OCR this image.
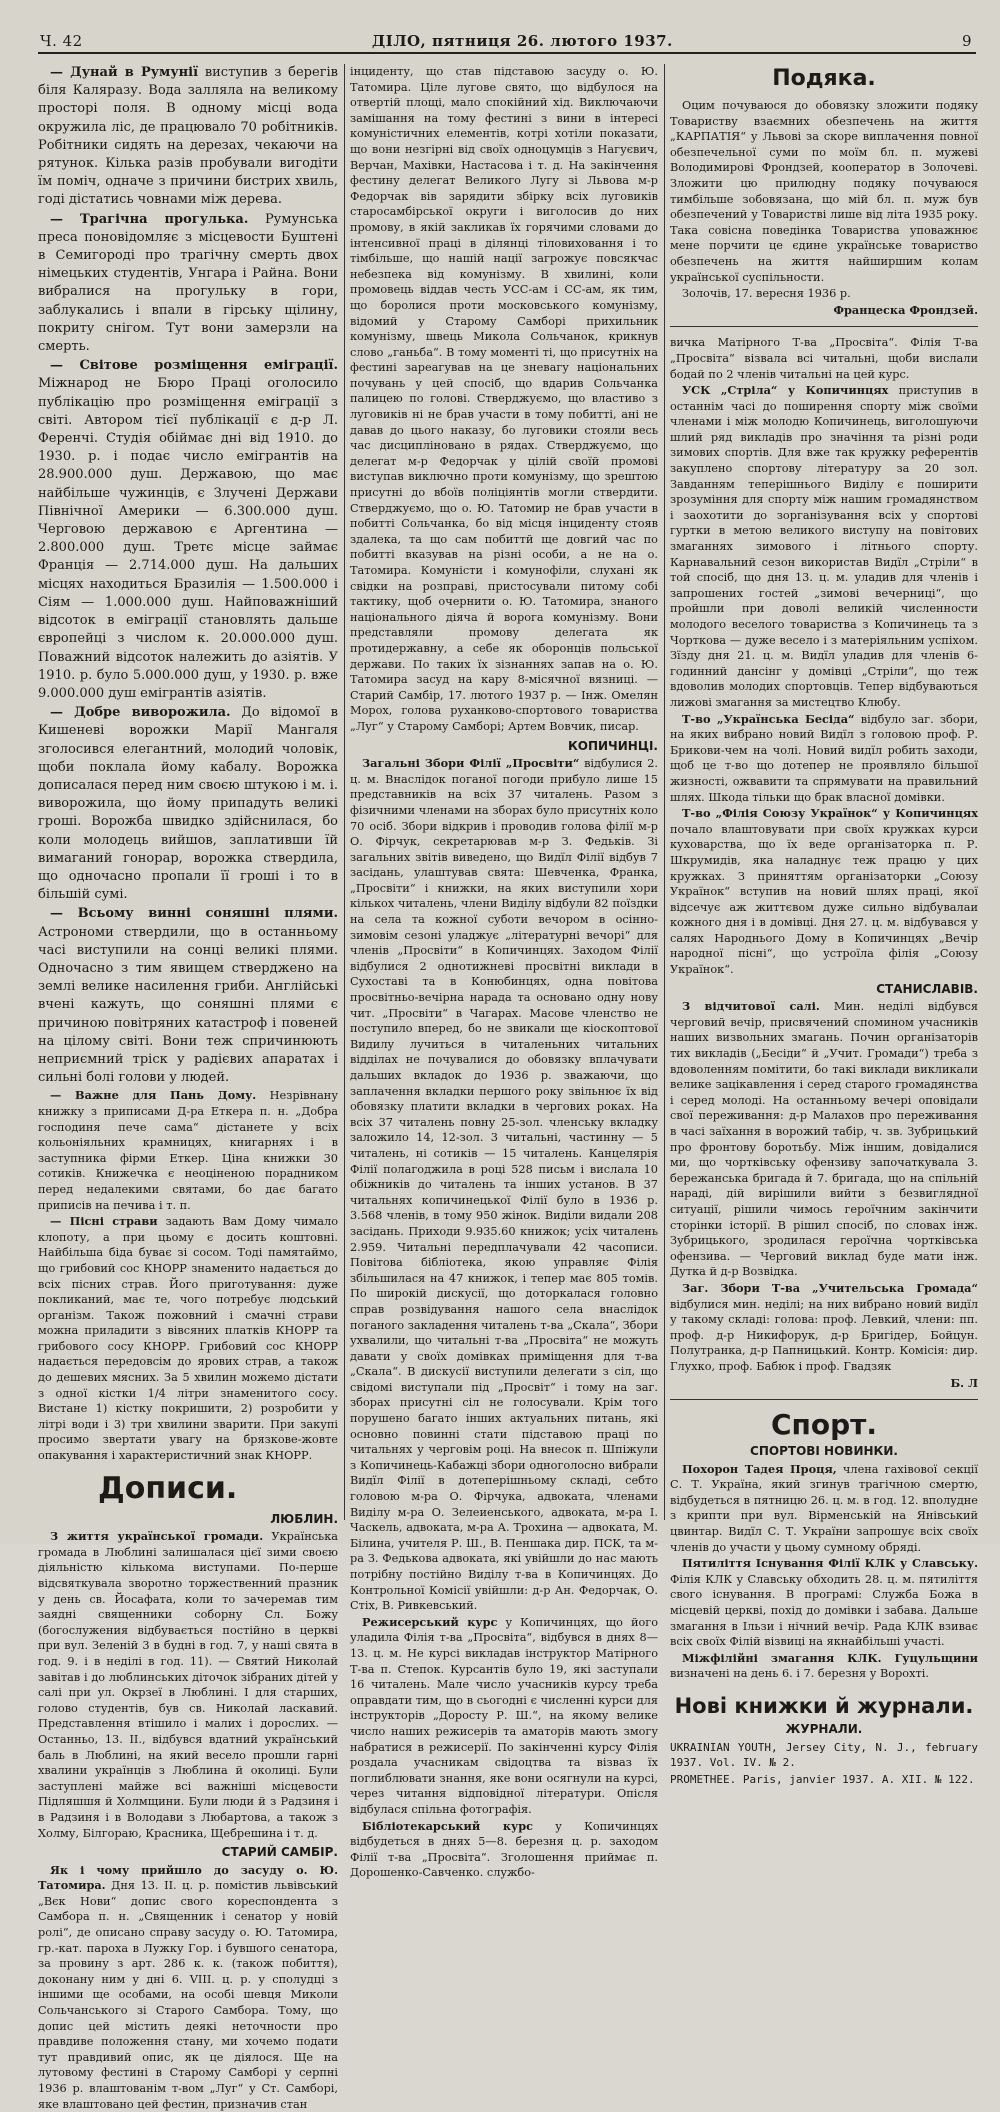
Ч. 42	ДІЛО, пятниця 26. лютого 1937.	9

— Дунай в Румунії виступив з берегів біля Каляразу. Вода залляла на великому просторі поля. В одному місці вода окружила ліс, де працювало 70 робітників. Робітники сидять на дерезах, чекаючи на рятунок. Кілька разів пробували вигодіти їм поміч, одначе з причини бистрих хвиль, годі дістатись човнами між дерева.

— Трагічна прогулька. Румунська преса поновідомляє з місцевости Буштені в Семигороді про трагічну смерть двох німецьких студентів, Унгара і Райна. Вони вибралися на прогульку в гори, заблукались і впали в гірську щілину, покриту снігом. Тут вони замерзли на смерть.

— Світове розміщення еміграції. Міжнарод не Бюро Праці оголосило публікацію про розміщення еміграції з світі. Автором тієї публікації є д-р Л. Ференчі. Студія обіймає дні від 1910. до 1930. р. і подає число емігрантів на 28.900.000 душ. Державою, що має найбільше чужинців, є Злучені Держави Північної Америки — 6.300.000 душ. Черговою державою є Аргентина — 2.800.000 душ. Третє місце займає Франція — 2.714.000 душ. На дальших місцях находиться Бразилія — 1.500.000 і Сіям — 1.000.000 душ. Найповажніший відсоток в еміграції становлять дальше європейці з числом к. 20.000.000 душ. Поважний відсоток належить до азіятів. У 1910. р. було 5.000.000 душ, у 1930. р. вже 9.000.000 душ емігрантів азіятів.

— Добре виворожила. До відомої в Кишеневі ворожки Марії Мангаля зголосився елегантний, молодий чоловік, щоби поклала йому кабалу. Ворожка дописалася перед ним своєю штукою і м. і. виворожила, що йому припадуть великі гроші. Ворожба швидко здійснилася, бо коли молодець вийшов, заплативши їй вимаганий гонорар, ворожка ствердила, що одночасно пропали її гроші і то в більшій сумі.

— Всьому винні соняшні плями. Астрономи ствердили, що в останньому часі виступили на сонці великі плями. Одночасно з тим явищем стверджено на землі велике насилення гриби. Англійські вчені кажуть, що соняшні плями є причиною повітряних катастроф і повеней на цілому світі. Вони теж спричинюють неприємний тріск у радієвих апаратах і сильні болі голови у людей.

— Важне для Пань Дому. Незрівнану книжку з приписами Д-ра Еткера п. н. „Добра господиня пече сама“ дістанете у всіх кольоніяльних крамницях, книгарнях і в заступника фірми Еткер. Ціна книжки 30 сотиків. Книжечка є неоціненою порадником перед недалекими святами, бо дає багато приписів на печива і т. п.

— Пісні страви задають Вам Дому чимало клопоту, а при цьому є досить коштовні. Найбільша біда буває зі сосом. Тоді памятаймо, що грибовий сос КНОРР знаменито надається до всіх пісних страв. Його приготування: дуже покликаний, має те, чого потребує людський організм. Також пожовний і смачні страви можна приладити з вівсяних платків КНОРР та грибового сосу КНОРР. Грибовий сос КНОРР надається передовсім до ярових страв, а також до дешевих мясних. За 5 хвилин можемо дістати з одної кістки 1/4 літри знаменитого сосу. Вистане 1) кістку покришити, 2) розробити у літрі води і 3) три хвилини зварити. При закупі просимо звертати увагу на брязкове-жовте опакування і характеристичний знак КНОРР.

Дописи.
ЛЮБЛИН.

З життя української громади. Українська громада в Люблині залишалася цієї зими своєю діяльністю кількома виступами. По-перше відсвяткувала зворотно торжественний празник у день св. Йосафата, коли то зачеремав тим заядні священники соборну Сл. Божу (богослужения відбувається постійно в церкві при вул. Зеленій 3 в будні в год. 7, у наші свята в год. 9. і в неділі в год. 11). — Святий Николай завітав і до люблинських діточок зібраних дітей у салі при ул. Окрзеї в Люблині. І для старших, голово студентів, був св. Николай ласкавий. Представлення втішило і малих і дорослих. — Останньо, 13. II., відбувся вдатний український баль в Люблині, на який весело прошли гарні хвалини українців з Люблина й околиці. Були заступлені майже всі важніші місцевости Підляшшя й Холмщини. Були люди й з Радзиня і в Радзиня і в Володави з Любартова, а також з Холму, Білгораю, Красника, Щебрешина і т. д.

СТАРИЙ САМБІР.

Як і чому прийшло до засуду о. Ю. Татомира. Дня 13. II. ц. р. помістив львівський „Вєк Нови“ допис свого кореспондента з Самбора п. н. „Священник і сенатор у новій ролі“, де описано справу засуду о. Ю. Татомира, гр.-кат. пароха в Лужку Гор. і бувшого сенатора, за провину з арт. 286 к. к. (також побиття), доконану ним у дні 6. VIII. ц. р. у сполудці з іншими ще особами, на особі шевця Миколи Сольчанського зі Старого Самбора. Тому, що допис цей містить деякі неточности про правдиве положення стану, ми хочемо подати тут правдивий опис, як це діялося. Ще на лутовому фестині в Старому Самборі у серпні 1936 р. влаштованім т-вом „Луг“ у Ст. Самборі, яке влаштовано цей фестин, призначив стан

інциденту, що став підставою засуду о. Ю. Татомира. Ціле лугове свято, що відбулося на отвертій площі, мало спокійний хід. Виключаючи замішання на тому фестині з вини в інтересі комуністичних елементів, котрі хотіли показати, що вони незгірні від своїх одноцумців з Нагуєвич, Верчан, Махівки, Настасова і т. д. На закінчення фестину делегат Великого Лугу зі Львова м-р Федорчак вів зарядити збірку всіх луговиків старосамбірської округи і виголосив до них промову, в якій закликав їх горячими словами до інтенсивної праці в ділянці тіловиховання і то тімбільше, що нашій нації загрожує повсякчас небезпека від комунізму. В хвилині, коли промовець віддав честь УСС-ам і СС-ам, як тим, що боролися проти московського комунізму, відомий у Старому Самборі прихильник комунізму, швець Микола Сольчанок, крикнув слово „ганьба“. В тому моменті ті, що присутніх на фестині зареагував на це зневагу національних почувань у цей спосіб, що вдарив Сольчанка палицею по голові. Стверджуємо, що властиво з луговиків ні не брав участи в тому побитті, ані не давав до цього наказу, бо луговики стояли весь час дисципліновано в рядах. Стверджуємо, що делегат м-р Федорчак у цілій своїй промові виступав виключно проти комунізму, що зрештою присутні до вбоїв поліціянтів могли ствердити. Стверджуємо, що о. Ю. Татомир не брав участи в побитті Сольчанка, бо від місця інциденту стояв здалека, та що сам побиттй ще довгий час по побитті вказував на різні особи, а не на о. Татомира. Комуністи і комунофіли, слухані як свідки на розправі, пристосували питому собі тактику, щоб очернити о. Ю. Татомира, знаного національного діяча й ворога комунізму. Вони представляли промову делегата як протидержавну, а себе як оборонців польської держави. По таких їх зізнаннях запав на о. Ю. Татомира засуд на кару 8-місячної вязниці. — Старий Самбір, 17. лютого 1937 р. — Інж. Омелян Морох, голова руханково-спортового товариства „Луг“ у Старому Самборі; Артем Вовчик, писар.

КОПИЧИНЦІ.

Загальні Збори Філії „Просвіти“ відбулися 2. ц. м. Внаслідок поганої погоди прибуло лише 15 представників на всіх 37 читалень. Разом з фізичними членами на зборах було присутніх коло 70 осіб. Збори відкрив і проводив голова філії м-р О. Фірчук, секретарював м-р З. Федьків. Зі загальних звітів виведено, що Видїл Філії відбув 7 засідань, улаштував свята: Шевченка, Франка, „Просвіти“ і книжки, на яких виступили хори кількох читалень, члени Виділу відбули 82 поїздки на села та кожної суботи вечором в осінно-зимовім сезоні уладжує „літературні вечорі“ для членів „Просвіти“ в Копичинцях. Заходом Філії відбулися 2 однотижневі просвітні виклади в Сухоставі та в Конюбинцях, одна повітова просвітньо-вечірна нарада та основано одну нову чит. „Просвіти“ в Чагарах. Масове членство не поступило вперед, бо не звикали ще кіоскоптової Видилу лучиться в читаленьних читальних відділах не почувалися до обовязку вплачувати дальших вкладок до 1936 р. зважаючи, що заплачення вкладки першого року звільнює їх від обовязку платити вкладки в чергових роках. На всіх 37 читалень повну 25-зол. членську вкладку заложило 14, 12-зол. 3 читальні, частинну — 5 читалень, ні сотиків — 15 читалень. Канцелярія Філії полагоджила в році 528 письм і вислала 10 обіжників до читалень та інших установ. В 37 читальнях копичинецької Філії було в 1936 р. 3.568 членів, в тому 950 жінок. Виділи видали 208 засідань. Приходи 9.935.60 книжок; усіх читалень 2.959. Читальні передплачували 42 часописи. Повітова бібліотека, якою управляє Філія збільшилася на 47 книжок, і тепер має 805 томів. По широкій дискусії, що доторкалася головно справ розвідування нашого села внаслідок поганого закладення читалень т-ва „Скала“, Збори ухвалили, що читальні т-ва „Просвіта“ не можуть давати у своїх домівках приміщення для т-ва „Скала“. В дискусії виступили делегати з сіл, що свідомі виступали під „Просвіт“ і тому на заг. зборах присутні сіл не голосували. Крім того порушено багато інших актуальних питань, які основно повинні стати підставою праці по читальнях у черговім році. На внесок п. Шпіжули з Копичинець-Кабажці збори одноголосно вибрали Видїл Філії в дотеперішньому складі, себто головою м-ра О. Фірчука, адвоката, членами Виділу м-ра О. Зелеиенського, адвоката, м-ра І. Часкель, адвоката, м-ра А. Трохина — адвоката, М. Білина, учителя Р. Ш., В. Пеншака дир. ПСК, та м-ра З. Федькова адвоката, які увійшли до нас мають потрібну постійно Виділу т-ва в Копичинцях. До Контрольної Комісії увійшли: д-р Ан. Федорчак, О. Стіх, В. Ривкевський.

Режисерський курс у Копичинцях, що його уладила Філія т-ва „Просвіта“, відбувся в днях 8—13. ц. м. Не курсі викладав інструктор Матірного Т-ва п. Степок. Курсантів було 19, які заступали 16 читалень. Мале число учасників курсу треба оправдати тим, що в сьогодні є численні курси для інструкторів „Доросту Р. Ш.“, на якому велике число наших режисерів та аматорів мають змогу набратися в режисерії. По закінченні курсу Філія роздала учасникам свідоцтва та візваз їх поглиблювати знання, яке вони осягнули на курсі, через читання відповідної літератури. Опісля відбулася спільна фотографія.

Бібліотекарський курс у Копичинцях відбудеться в днях 5—8. березня ц. р. заходом Філії т-ва „Просвіта“. Зголошення приймає п. Дорошенко-Савченко. службо-

Подяка.

Оцим почуваюся до обовязку зложити подяку Товариству взаємних обезпечень на життя „КАРПАТІЯ“ у Львові за скоре виплачення повної обезпечельної суми по моїм бл. п. мужеві Володимирові Фрондзей, кооператор в Золочеві. Зложити цю прилюдну подяку почуваюся тимбільше зобовязана, що мій бл. п. муж був обезпечений у Товаристві лише від літа 1935 року. Така совісна поведінка Товариства уповажнює мене порчити це єдине українське товариство обезпечень на життя найширшим колам української суспільности.

Золочів, 17. вересня 1936 р.

Францеска Фрондзей.

вичка Матірного Т-ва „Просвіта“. Філія Т-ва „Просвіта“ візвала всі читальні, щоби вислали бодай по 2 членів читальні на цей курс.

УСК „Стріла“ у Копичинцях приступив в останнім часі до поширення спорту між своїми членами і між молодю Копичинець, виголошуючи шлий ряд викладів про значіння та різні роди зимових спортів. Для вже так кружку референтів закуплено спортову літературу за 20 зол. Завданням теперішнього Виділу є поширити зрозуміння для спорту між нашим громадянством і заохотити до зорганізування всіх у спортові гуртки в метою великого виступу на повітових змаганнях зимового і літнього спорту. Карнавальний сезон використав Видїл „Стріли“ в той спосіб, що дня 13. ц. м. уладив для членів і запрошених гостей „зимові вечерниці“, що пройшли при доволі великій численности молодого веселого товариства з Копичинець та з Чорткова — дуже весело і з матеріяльним успіхом. Зїзду дня 21. ц. м. Видїл уладив для членів 6-годинний дансінг у домівці „Стріли“, що теж вдоволив молодих спортовців. Тепер відбуваються лижові змагання за мистецтво Клюбу.

Т-во „Українська Бесіда“ відбуло заг. збори, на яких вибрано новий Видїл з головою проф. Р. Брикови-чем на чолі. Новий видїл робить заходи, щоб це т-во що дотепер не проявляло більшої жизності, ожвавити та спрямувати на правильний шлях. Шкода тільки що брак власної домівки.

Т-во „Філія Союзу Українок“ у Копичинцях почало влаштовувати при своїх кружках курси куховарства, що їх веде організаторка п. Р. Шкрумидів, яка наладнує теж працю у цих кружках. З приняттям організаторки „Союзу Українок“ вступив на новий шлях праці, якої відсечує аж життєвом дуже сильно відбувалаи кожного дня і в домівці. Дня 27. ц. м. відбувався у салях Народнього Дому в Копичинцях „Вечір народної пісні“, що устроїла філія „Союзу Українок“.

СТАНИСЛАВІВ.

З відчитової салі. Мин. неділі відбувся черговий вечір, присвячений спомином учасників наших визвольних змагань. Почин організаторів тих викладів („Бесіди“ й „Учит. Громади“) треба з вдоволенням помітити, бо такі виклади викликали велике зацікавлення і серед старого громадянства і серед молоді. На останньому вечері оповідали свої переживання: д-р Малахов про переживання в часі заїхання в ворожий табір, ч. зв. Зубрицький про фронтову боротьбу. Між іншим, довідалися ми, що чортківську офензиву започаткувала 3. бережанська бригада й 7. бригада, що на спільній нараді, дій вирішили вийти з безвиглядної ситуації, рішили чимось героїчним закінчити сторінки історії. В рішил спосіб, по словах інж. Зубрицького, зродилася героїчна чортківська офензива. — Черговий виклад буде мати інж. Дутка й д-р Возвідка.

Заг. Збори Т-ва „Учительська Громада“ відбулися мин. неділі; на них вибрано новий видїл у такому складі: голова: проф. Левкий, члени: пп. проф. д-р Никифорук, д-р Бригідер, Бойцун. Полутранка, д-р Папницький. Контр. Комісія: дир. Глухко, проф. Бабюк і проф. Гвадзяк

Б. Л

Спорт.
СПОРТОВІ НОВИНКИ.

Похорон Тадея Проця, члена гахівової секції С. Т. Україна, який згинув трагічною смертю, відбудеться в пятницю 26. ц. м. в год. 12. вполудне з крипти при вул. Вірменській на Янівський цвинтар. Видїл С. Т. України запрошує всіх своїх членів до участи у цьому сумному обряді.

Пятиліття Існування Філії КЛК у Славську. Філія КЛК у Славську обходить 28. ц. м. пятиліття свого існування. В програмі: Служба Божа в місцевій церкві, похід до домівки і забава. Дальше змагання в Ільзи і нічний вечір. Рада КЛК взиває всіх своїх Філій візвиці на якнайбільші участі.

Міжфілійні змагання КЛК. Гуцульщини визначені на день 6. і 7. березня у Ворохті.

Нові книжки й журнали.
ЖУРНАЛИ.

UKRAINIAN YOUTH, Jersey City, N. J., february 1937. Vol. IV. № 2.

PROMETHEE. Paris, janvier 1937. A. XII. № 122.
